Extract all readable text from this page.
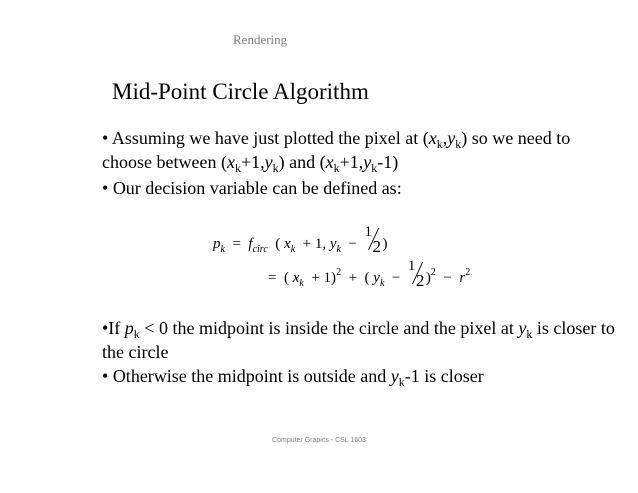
Rendering
Mid-Point Circle Algorithm
• Assuming we have just plotted the pixel at $(x_k,y_k)$ so we need to choose between $(x_k+1,y_k)$ and $(x_k+1,y_k-1)$
• Our decision variable can be defined as:
$p_k = f_{circ}$ ( $x_k + 1$, $y_k$ −
1
2 )
= ( $x_k + 1)^2$ + ( $y_k$ −
1
2 )$^2 - r^2$
•If $p_k < 0$ the midpoint is inside the circle and the pixel at $y_k$ is closer to the circle
• Otherwise the midpoint is outside and $y_k-1$ is closer
Computer Grapics - CSL 1603
